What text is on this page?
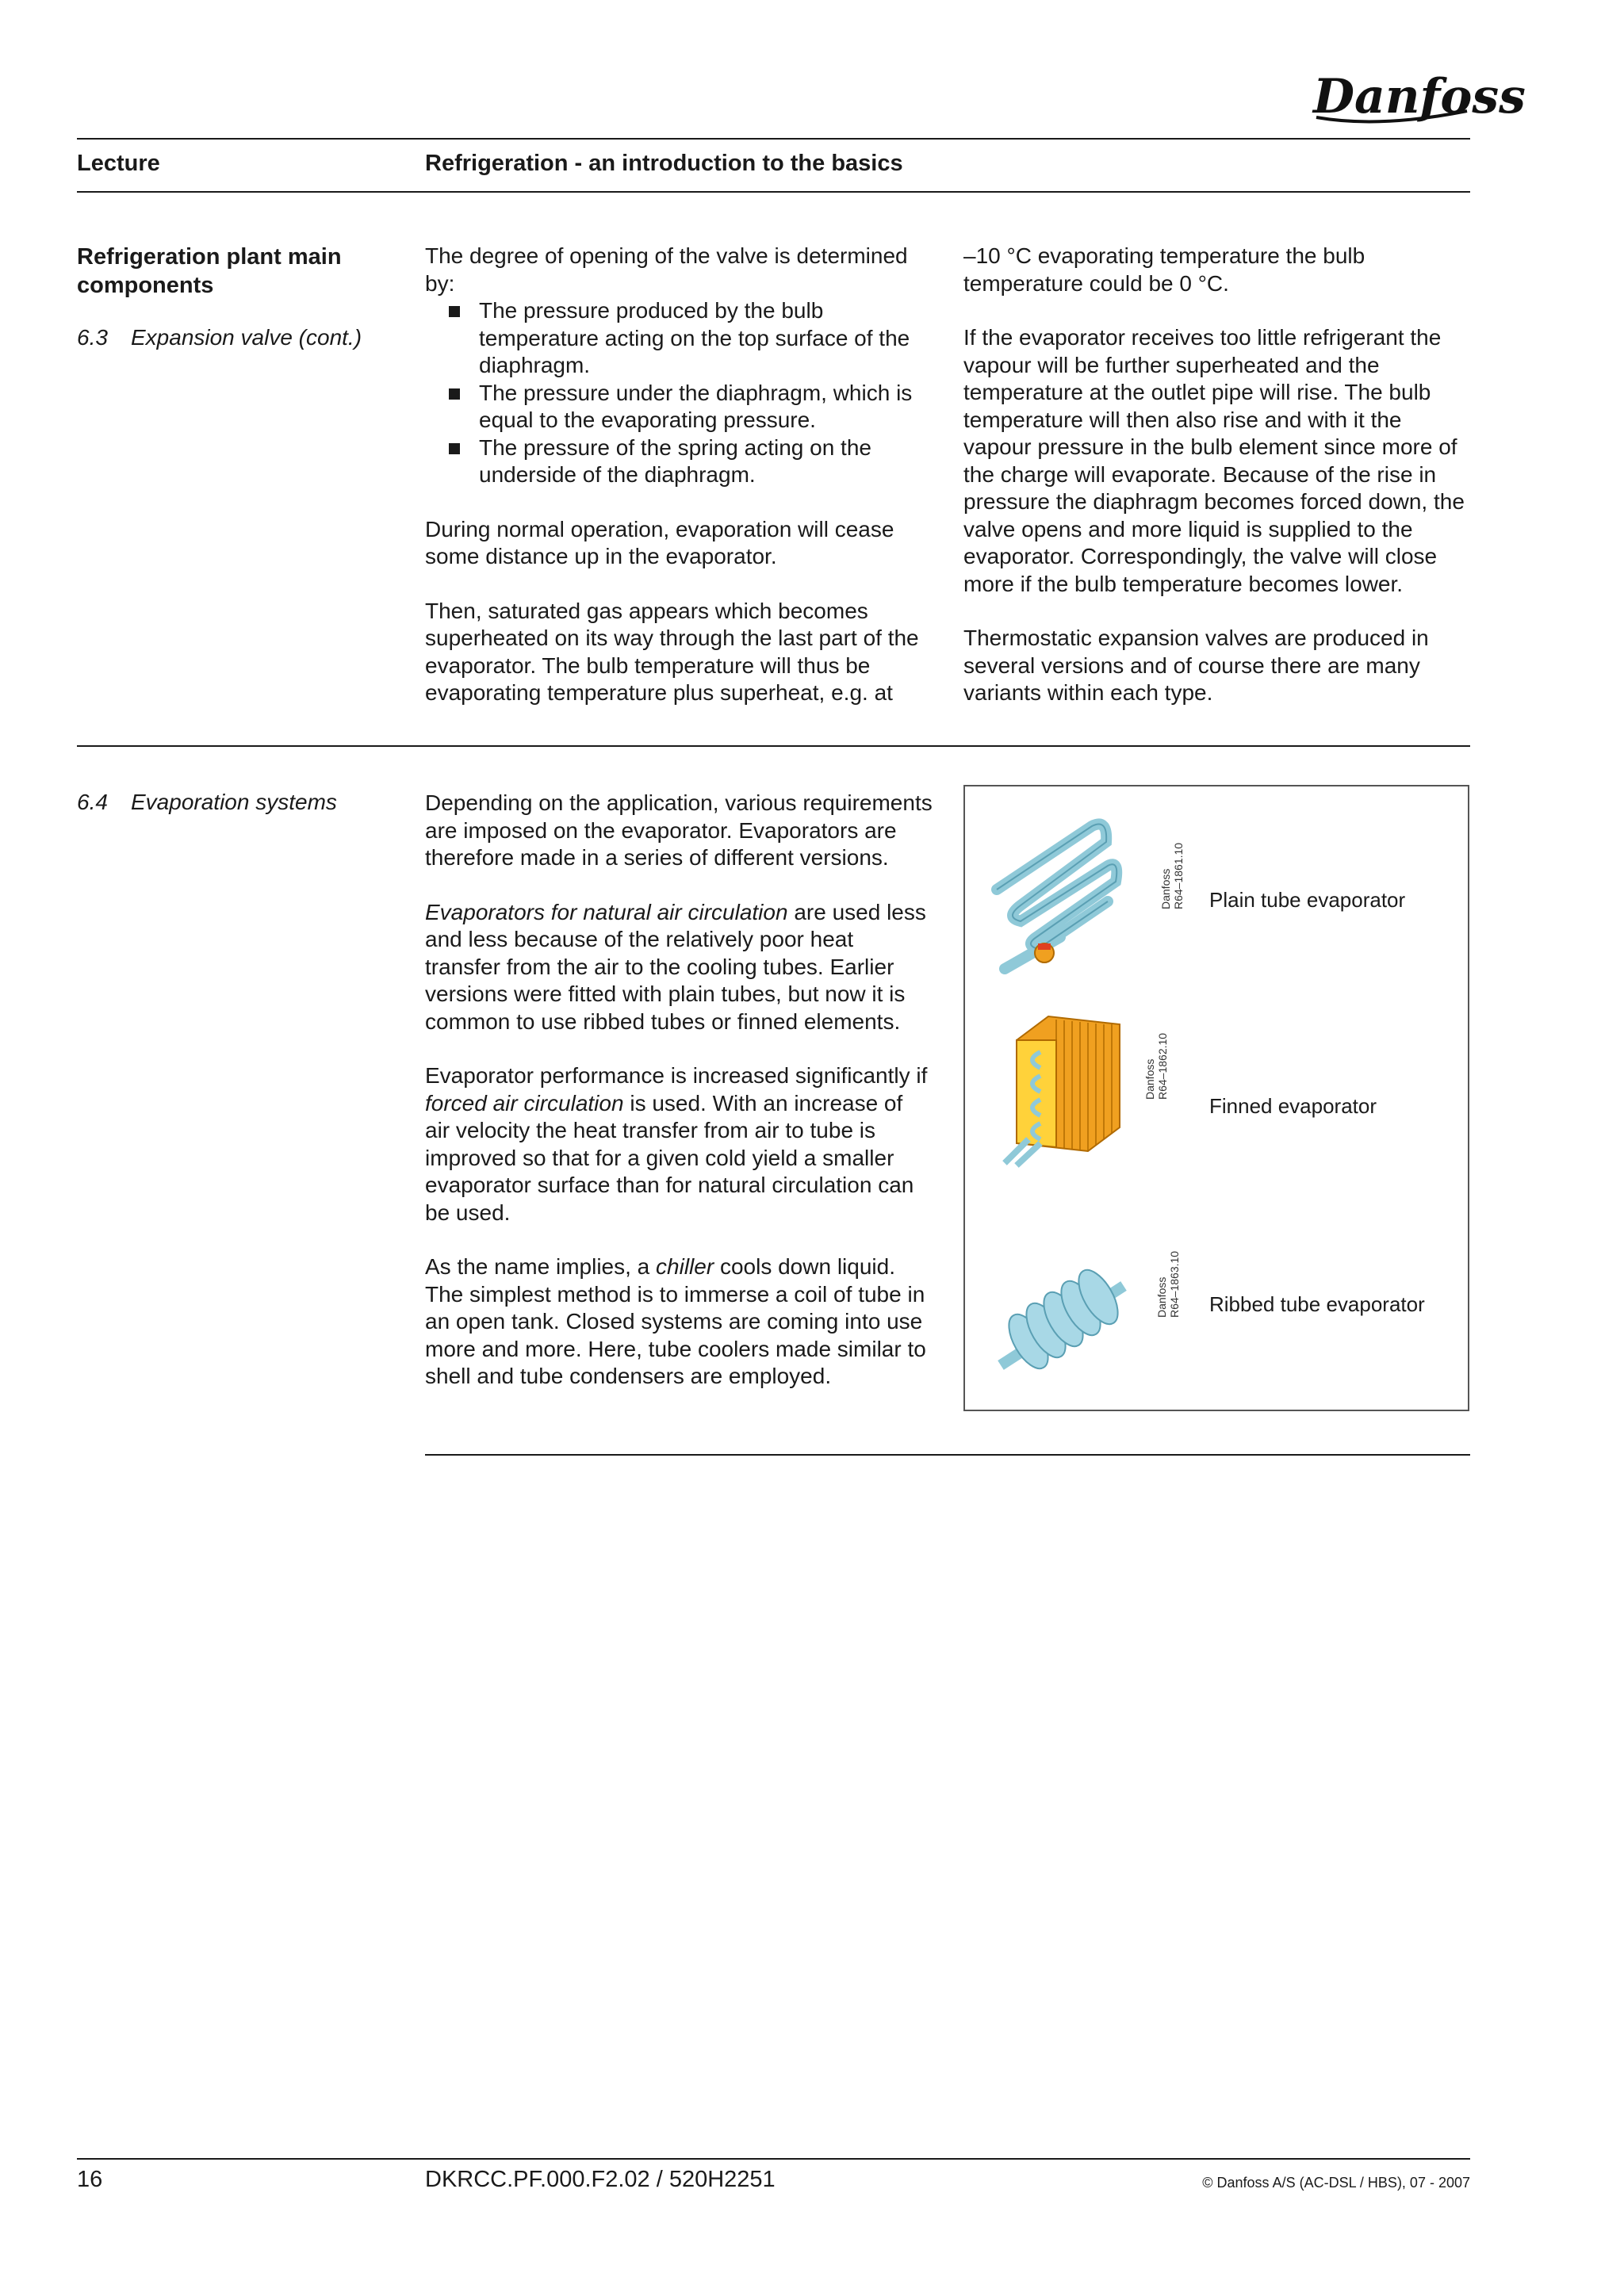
Danfoss
Lecture	Refrigeration - an introduction to the basics
Refrigeration plant main components
6.3 Expansion valve (cont.)
The degree of opening of the valve is determined by:
The pressure produced by the bulb temperature acting on the top surface of the diaphragm.
The pressure under the diaphragm, which is equal to the evaporating pressure.
The pressure of the spring acting on the underside of the diaphragm.

During normal operation, evaporation will cease some distance up in the evaporator.

Then, saturated gas appears which becomes superheated on its way through the last part of the evaporator. The bulb temperature will thus be evaporating temperature plus superheat, e.g. at

–10 °C evaporating temperature the bulb temperature could be 0 °C.

If the evaporator receives too little refrigerant the vapour will be further superheated and the temperature at the outlet pipe will rise. The bulb temperature will then also rise and with it the vapour pressure in the bulb element since more of the charge will evaporate. Because of the rise in pressure the diaphragm becomes forced down, the valve opens and more liquid is supplied to the evaporator. Correspondingly, the valve will close more if the bulb temperature becomes lower.

Thermostatic expansion valves are produced in several versions and of course there are many variants within each type.

6.4 Evaporation systems	Depending on the application, various requirements are imposed on the evaporator. Evaporators are therefore made in a series of different versions.

Evaporators for natural air circulation are used less and less because of the relatively poor heat transfer from the air to the cooling tubes. Earlier versions were fitted with plain tubes, but now it is common to use ribbed tubes or finned elements.

Evaporator performance is increased significantly if forced air circulation is used. With an increase of air velocity the heat transfer from air to tube is improved so that for a given cold yield a smaller evaporator surface than for natural circulation can be used.

As the name implies, a chiller cools down liquid. The simplest method is to immerse a coil of tube in an open tank. Closed systems are coming into use more and more. Here, tube coolers made similar to shell and tube condensers are employed.

Danfoss R64–1861.10 Plain tube evaporator
Danfoss R64–1862.10
Finned evaporator
Danfoss R64–1863.10 Ribbed tube evaporator
16	DKRCC.PF.000.F2.02 / 520H2251	© Danfoss A/S (AC-DSL / HBS), 07 - 2007
